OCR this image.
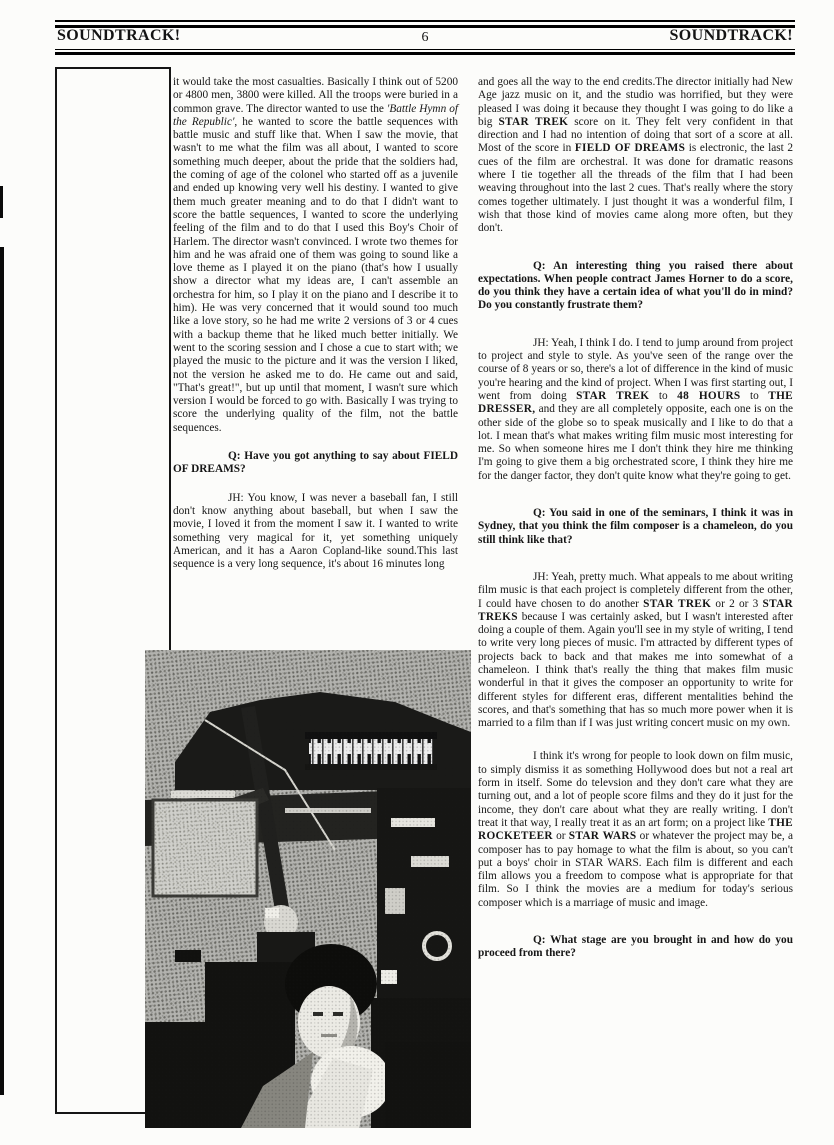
SOUNDTRACK!	SOUNDTRACK!
6

it would take the most casualties. Basically I think out of 5200 or 4800 men, 3800 were killed. All the troops were buried in a common grave. The director wanted to use the 'Battle Hymn of the Republic', he wanted to score the battle sequences with battle music and stuff like that. When I saw the movie, that wasn't to me what the film was all about, I wanted to score something much deeper, about the pride that the soldiers had, the coming of age of the colonel who started off as a juvenile and ended up knowing very well his destiny. I wanted to give them much greater meaning and to do that I didn't want to score the battle sequences, I wanted to score the underlying feeling of the film and to do that I used this Boy's Choir of Harlem. The director wasn't convinced. I wrote two themes for him and he was afraid one of them was going to sound like a love theme as I played it on the piano (that's how I usually show a director what my ideas are, I can't assemble an orchestra for him, so I play it on the piano and I describe it to him). He was very concerned that it would sound too much like a love story, so he had me write 2 versions of 3 or 4 cues with a backup theme that he liked much better initially. We went to the scoring session and I chose a cue to start with; we played the music to the picture and it was the version I liked, not the version he asked me to do. He came out and said, "That's great!", but up until that moment, I wasn't sure which version I would be forced to go with. Basically I was trying to score the underlying quality of the film, not the battle sequences.

Q: Have you got anything to say about FIELD OF DREAMS?

JH: You know, I was never a baseball fan, I still don't know anything about baseball, but when I saw the movie, I loved it from the moment I saw it. I wanted to write something very magical for it, yet something uniquely American, and it has a Aaron Copland-like sound.This last sequence is a very long sequence, it's about 16 minutes long

and goes all the way to the end credits.The director initially had New Age jazz music on it, and the studio was horrified, but they were pleased I was doing it because they thought I was going to do like a big STAR TREK score on it. They felt very confident in that direction and I had no intention of doing that sort of a score at all. Most of the score in FIELD OF DREAMS is electronic, the last 2 cues of the film are orchestral. It was done for dramatic reasons where I tie together all the threads of the film that I had been weaving throughout into the last 2 cues. That's really where the story comes together ultimately. I just thought it was a wonderful film, I wish that those kind of movies came along more often, but they don't.

Q: An interesting thing you raised there about expectations. When people contract James Horner to do a score, do you think they have a certain idea of what you'll do in mind? Do you constantly frustrate them?

JH: Yeah, I think I do. I tend to jump around from project to project and style to style. As you've seen of the range over the course of 8 years or so, there's a lot of difference in the kind of music you're hearing and the kind of project. When I was first starting out, I went from doing STAR TREK to 48 HOURS to THE DRESSER, and they are all completely opposite, each one is on the other side of the globe so to speak musically and I like to do that a lot. I mean that's what makes writing film music most interesting for me. So when someone hires me I don't think they hire me thinking I'm going to give them a big orchestrated score, I think they hire me for the danger factor, they don't quite know what they're going to get.

Q: You said in one of the seminars, I think it was in Sydney, that you think the film composer is a chameleon, do you still think like that?

JH: Yeah, pretty much. What appeals to me about writing film music is that each project is completely different from the other, I could have chosen to do another STAR TREK or 2 or 3 STAR TREKS because I was certainly asked, but I wasn't interested after doing a couple of them. Again you'll see in my style of writing, I tend to write very long pieces of music. I'm attracted by different types of projects back to back and that makes me into somewhat of a chameleon. I think that's really the thing that makes film music wonderful in that it gives the composer an opportunity to write for different styles for different eras, different mentalities behind the scores, and that's something that has so much more power when it is married to a film than if I was just writing concert music on my own.

I think it's wrong for people to look down on film music, to simply dismiss it as something Hollywood does but not a real art form in itself. Some do televsion and they don't care what they are turning out, and a lot of people score films and they do it just for the income, they don't care about what they are really writing. I don't treat it that way, I really treat it as an art form; on a project like THE ROCKETEER or STAR WARS or whatever the project may be, a composer has to pay homage to what the film is about, so you can't put a boys' choir in STAR WARS. Each film is different and each film allows you a freedom to compose what is appropriate for that film. So I think the movies are a medium for today's serious composer which is a marriage of music and image.

Q: What stage are you brought in and how do you proceed from there?
